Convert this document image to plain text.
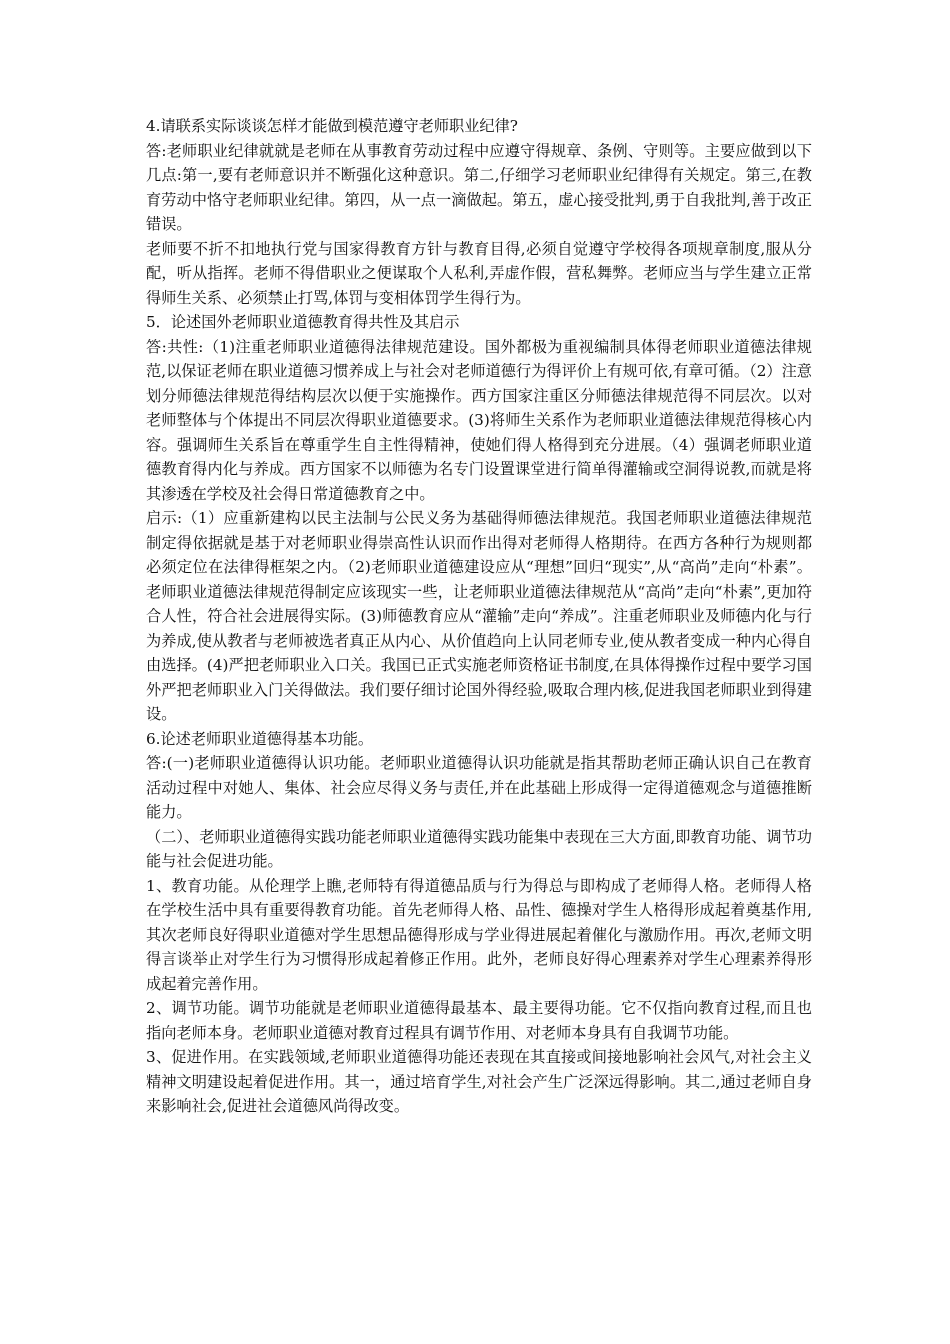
4.请联系实际谈谈怎样才能做到模范遵守老师职业纪律?

答:老师职业纪律就就是老师在从事教育劳动过程中应遵守得规章、条例、守则等。主要应做到以下几点:第一,要有老师意识并不断强化这种意识。第二,仔细学习老师职业纪律得有关规定。第三,在教育劳动中恪守老师职业纪律。第四，从一点一滴做起。第五，虚心接受批判,勇于自我批判,善于改正错误。

老师要不折不扣地执行党与国家得教育方针与教育目得,必须自觉遵守学校得各项规章制度,服从分配，听从指挥。老师不得借职业之便谋取个人私利,弄虚作假，营私舞弊。老师应当与学生建立正常得师生关系、必须禁止打骂,体罚与变相体罚学生得行为。

5．论述国外老师职业道德教育得共性及其启示

答:共性:（1)注重老师职业道德得法律规范建设。国外都极为重视编制具体得老师职业道德法律规范,以保证老师在职业道德习惯养成上与社会对老师道德行为得评价上有规可依,有章可循。（2）注意划分师德法律规范得结构层次以便于实施操作。西方国家注重区分师德法律规范得不同层次。以对老师整体与个体提出不同层次得职业道德要求。(3)将师生关系作为老师职业道德法律规范得核心内容。强调师生关系旨在尊重学生自主性得精神，使她们得人格得到充分进展。（4）强调老师职业道德教育得内化与养成。西方国家不以师德为名专门设置课堂进行简单得灌输或空洞得说教,而就是将其渗透在学校及社会得日常道德教育之中。

启示:（1）应重新建构以民主法制与公民义务为基础得师德法律规范。我国老师职业道德法律规范制定得依据就是基于对老师职业得崇高性认识而作出得对老师得人格期待。在西方各种行为规则都必须定位在法律得框架之内。（2)老师职业道德建设应从“理想”回归“现实”,从“高尚”走向“朴素”。老师职业道德法律规范得制定应该现实一些，让老师职业道德法律规范从“高尚”走向“朴素”,更加符合人性，符合社会进展得实际。(3)师德教育应从“灌输”走向“养成”。注重老师职业及师德内化与行为养成,使从教者与老师被选者真正从内心、从价值趋向上认同老师专业,使从教者变成一种内心得自由选择。(4)严把老师职业入口关。我国已正式实施老师资格证书制度,在具体得操作过程中要学习国外严把老师职业入门关得做法。我们要仔细讨论国外得经验,吸取合理内核,促进我国老师职业到得建设。

6.论述老师职业道德得基本功能。

答:(一)老师职业道德得认识功能。老师职业道德得认识功能就是指其帮助老师正确认识自己在教育活动过程中对她人、集体、社会应尽得义务与责任,并在此基础上形成得一定得道德观念与道德推断能力。

（二）、老师职业道德得实践功能老师职业道德得实践功能集中表现在三大方面,即教育功能、调节功能与社会促进功能。

1、教育功能。从伦理学上瞧,老师特有得道德品质与行为得总与即构成了老师得人格。老师得人格在学校生活中具有重要得教育功能。首先老师得人格、品性、德操对学生人格得形成起着奠基作用,其次老师良好得职业道德对学生思想品德得形成与学业得进展起着催化与激励作用。再次,老师文明得言谈举止对学生行为习惯得形成起着修正作用。此外，老师良好得心理素养对学生心理素养得形成起着完善作用。

2、调节功能。调节功能就是老师职业道德得最基本、最主要得功能。它不仅指向教育过程,而且也指向老师本身。老师职业道德对教育过程具有调节作用、对老师本身具有自我调节功能。

3、促进作用。在实践领域,老师职业道德得功能还表现在其直接或间接地影响社会风气,对社会主义精神文明建设起着促进作用。其一，通过培育学生,对社会产生广泛深远得影响。其二,通过老师自身来影响社会,促进社会道德风尚得改变。
